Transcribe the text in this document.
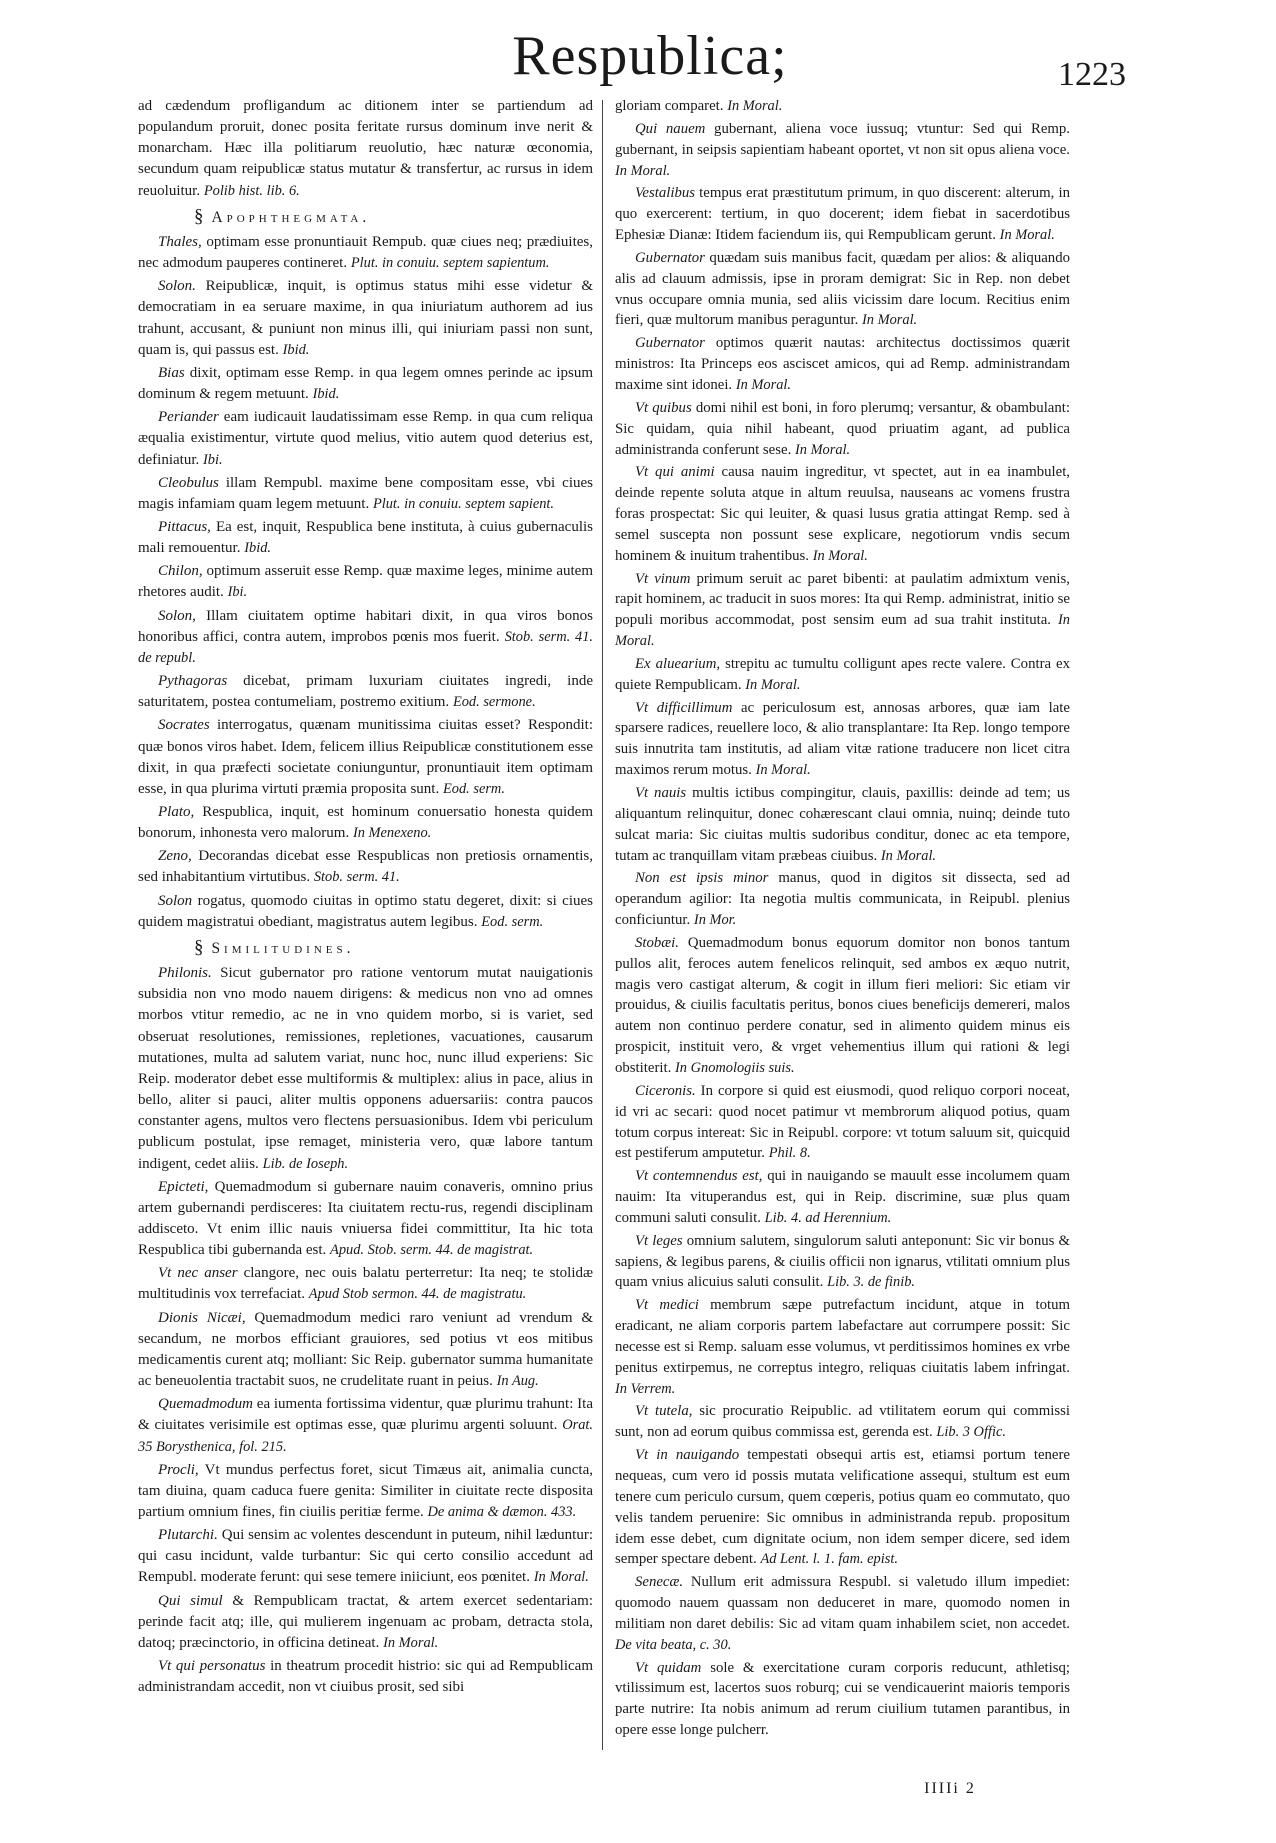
Respublica;	1223

ad cædendum profligandum ac ditionem inter se partiendum ad populandum proruit, donec posita feritate rursus dominum inve nerit & monarcham. Hæc illa politiarum reuolutio, hæc naturæ œconomia, secundum quam reipublicæ status mutatur & transfertur, ac rursus in idem reuoluitur. Polib hist. lib. 6.

§ Apophthegmata.

Thales, optimam esse pronuntiauit Rempub. quæ ciues neq; prædiuites, nec admodum pauperes contineret. Plut. in conuiu. septem sapientum.

Solon. Reipublicæ, inquit, is optimus status mihi esse videtur & democratiam in ea seruare maxime, in qua iniuriatum authorem ad ius trahunt, accusant, & puniunt non minus illi, qui iniuriam passi non sunt, quam is, qui passus est. Ibid.

Bias dixit, optimam esse Remp. in qua legem omnes perinde ac ipsum dominum & regem metuunt. Ibid.

Periander eam iudicauit laudatissimam esse Remp. in qua cum reliqua æqualia existimentur, virtute quod melius, vitio autem quod deterius est, definiatur. Ibi.

Cleobulus illam Rempubl. maxime bene compositam esse, vbi ciues magis infamiam quam legem metuunt. Plut. in conuiu. septem sapient.

Pittacus, Ea est, inquit, Respublica bene instituta, à cuius gubernaculis mali remouentur. Ibid.

Chilon, optimum asseruit esse Remp. quæ maxime leges, minime autem rhetores audit. Ibi.

Solon, Illam ciuitatem optime habitari dixit, in qua viros bonos honoribus affici, contra autem, improbos pœnis mos fuerit. Stob. serm. 41. de republ.

Pythagoras dicebat, primam luxuriam ciuitates ingredi, inde saturitatem, postea contumeliam, postremo exitium. Eod. sermone.

Socrates interrogatus, quænam munitissima ciuitas esset? Respondit: quæ bonos viros habet. Idem, felicem illius Reipublicæ constitutionem esse dixit, in qua præfecti societate coniunguntur, pronuntiauit item optimam esse, in qua plurima virtuti præmia proposita sunt. Eod. serm.

Plato, Respublica, inquit, est hominum conuersatio honesta quidem bonorum, inhonesta vero malorum. In Menexeno.

Zeno, Decorandas dicebat esse Respublicas non pretiosis ornamentis, sed inhabitantium virtutibus. Stob. serm. 41.

Solon rogatus, quomodo ciuitas in optimo statu degeret, dixit: si ciues quidem magistratui obediant, magistratus autem legibus. Eod. serm.

§ Similitudines.

Philonis. Sicut gubernator pro ratione ventorum mutat nauigationis subsidia non vno modo nauem dirigens: & medicus non vno ad omnes morbos vtitur remedio, ac ne in vno quidem morbo, si is variet, sed obseruat resolutiones, remissiones, repletiones, vacuationes, causarum mutationes, multa ad salutem variat, nunc hoc, nunc illud experiens: Sic Reip. moderator debet esse multiformis & multiplex: alius in pace, alius in bello, aliter si pauci, aliter multis opponens aduersariis: contra paucos constanter agens, multos vero flectens persuasionibus. Idem vbi periculum publicum postulat, ipse remaget, ministeria vero, quæ labore tantum indigent, cedet aliis. Lib. de Ioseph.

Epicteti, Quemadmodum si gubernare nauim conaveris, omnino prius artem gubernandi perdisceres: Ita ciuitatem rectu-rus, regendi disciplinam addisceto. Vt enim illic nauis vniuersa fidei committitur, Ita hic tota Respublica tibi gubernanda est. Apud. Stob. serm. 44. de magistrat.

Vt nec anser clangore, nec ouis balatu perterretur: Ita neq; te stolidæ multitudinis vox terrefaciat. Apud Stob sermon. 44. de magistratu.

Dionis Nicæi, Quemadmodum medici raro veniunt ad vrendum & secandum, ne morbos efficiant grauiores, sed potius vt eos mitibus medicamentis curent atq; molliant: Sic Reip. gubernator summa humanitate ac beneuolentia tractabit suos, ne crudelitate ruant in peius. In Aug.

Quemadmodum ea iumenta fortissima videntur, quæ plurimu trahunt: Ita & ciuitates verisimile est optimas esse, quæ plurimu argenti soluunt. Orat. 35 Borysthenica, fol. 215.

Procli, Vt mundus perfectus foret, sicut Timæus ait, animalia cuncta, tam diuina, quam caduca fuere genita: Similiter in ciuitate recte disposita partium omnium fines, fin ciuilis peritiæ ferme. De anima & dæmon. 433.

Plutarchi. Qui sensim ac volentes descendunt in puteum, nihil læduntur: qui casu incidunt, valde turbantur: Sic qui certo consilio accedunt ad Rempubl. moderate ferunt: qui sese temere iniiciunt, eos pœnitet. In Moral.

Qui simul & Rempublicam tractat, & artem exercet sedentariam: perinde facit atq; ille, qui mulierem ingenuam ac probam, detracta stola, datoq; præcinctorio, in officina detineat. In Moral.

Vt qui personatus in theatrum procedit histrio: sic qui ad Rempublicam administrandam accedit, non vt ciuibus prosit, sed sibi

gloriam comparet. In Moral.

Qui nauem gubernant, aliena voce iussuq; vtuntur: Sed qui Remp. gubernant, in seipsis sapientiam habeant oportet, vt non sit opus aliena voce. In Moral.

Vestalibus tempus erat præstitutum primum, in quo discerent: alterum, in quo exercerent: tertium, in quo docerent; idem fiebat in sacerdotibus Ephesiæ Dianæ: Itidem faciendum iis, qui Rempublicam gerunt. In Moral.

Gubernator quædam suis manibus facit, quædam per alios: & aliquando alis ad clauum admissis, ipse in proram demigrat: Sic in Rep. non debet vnus occupare omnia munia, sed aliis vicissim dare locum. Recitius enim fieri, quæ multorum manibus peraguntur. In Moral.

Gubernator optimos quærit nautas: architectus doctissimos quærit ministros: Ita Princeps eos asciscet amicos, qui ad Remp. administrandam maxime sint idonei. In Moral.

Vt quibus domi nihil est boni, in foro plerumq; versantur, & obambulant: Sic quidam, quia nihil habeant, quod priuatim agant, ad publica administranda conferunt sese. In Moral.

Vt qui animi causa nauim ingreditur, vt spectet, aut in ea inambulet, deinde repente soluta atque in altum reuulsa, nauseans ac vomens frustra foras prospectat: Sic qui leuiter, & quasi lusus gratia attingat Remp. sed à semel suscepta non possunt sese explicare, negotiorum vndis secum hominem & inuitum trahentibus. In Moral.

Vt vinum primum seruit ac paret bibenti: at paulatim admixtum venis, rapit hominem, ac traducit in suos mores: Ita qui Remp. administrat, initio se populi moribus accommodat, post sensim eum ad sua trahit instituta. In Moral.

Ex aluearium, strepitu ac tumultu colligunt apes recte valere. Contra ex quiete Rempublicam. In Moral.

Vt difficillimum ac periculosum est, annosas arbores, quæ iam late sparsere radices, reuellere loco, & alio transplantare: Ita Rep. longo tempore suis innutrita tam institutis, ad aliam vitæ ratione traducere non licet citra maximos rerum motus. In Moral.

Vt nauis multis ictibus compingitur, clauis, paxillis: deinde ad tem; us aliquantum relinquitur, donec cohærescant claui omnia, nuinq; deinde tuto sulcat maria: Sic ciuitas multis sudoribus conditur, donec ac eta tempore, tutam ac tranquillam vitam præbeas ciuibus. In Moral.

Non est ipsis minor manus, quod in digitos sit dissecta, sed ad operandum agilior: Ita negotia multis communicata, in Reipubl. plenius conficiuntur. In Mor.

Stobæi. Quemadmodum bonus equorum domitor non bonos tantum pullos alit, feroces autem fenelicos relinquit, sed ambos ex æquo nutrit, magis vero castigat alterum, & cogit in illum fieri meliori: Sic etiam vir prouidus, & ciuilis facultatis peritus, bonos ciues beneficijs demereri, malos autem non continuo perdere conatur, sed in alimento quidem minus eis prospicit, instituit vero, & vrget vehementius illum qui rationi & legi obstiterit. In Gnomologiis suis.

Ciceronis. In corpore si quid est eiusmodi, quod reliquo corpori noceat, id vri ac secari: quod nocet patimur vt membrorum aliquod potius, quam totum corpus intereat: Sic in Reipubl. corpore: vt totum saluum sit, quicquid est pestiferum amputetur. Phil. 8.

Vt contemnendus est, qui in nauigando se mauult esse incolumem quam nauim: Ita vituperandus est, qui in Reip. discrimine, suæ plus quam communi saluti consulit. Lib. 4. ad Herennium.

Vt leges omnium salutem, singulorum saluti anteponunt: Sic vir bonus & sapiens, & legibus parens, & ciuilis officii non ignarus, vtilitati omnium plus quam vnius alicuius saluti consulit. Lib. 3. de finib.

Vt medici membrum sæpe putrefactum incidunt, atque in totum eradicant, ne aliam corporis partem labefactare aut corrumpere possit: Sic necesse est si Remp. saluam esse volumus, vt perditissimos homines ex vrbe penitus extirpemus, ne correptus integro, reliquas ciuitatis labem infringat. In Verrem.

Vt tutela, sic procuratio Reipublic. ad vtilitatem eorum qui commissi sunt, non ad eorum quibus commissa est, gerenda est. Lib. 3 Offic.

Vt in nauigando tempestati obsequi artis est, etiamsi portum tenere nequeas, cum vero id possis mutata velificatione assequi, stultum est eum tenere cum periculo cursum, quem cœperis, potius quam eo commutato, quo velis tandem peruenire: Sic omnibus in administranda repub. propositum idem esse debet, cum dignitate ocium, non idem semper dicere, sed idem semper spectare debent. Ad Lent. l. 1. fam. epist.

Senecæ. Nullum erit admissura Respubl. si valetudo illum impediet: quomodo nauem quassam non deduceret in mare, quomodo nomen in militiam non daret debilis: Sic ad vitam quam inhabilem sciet, non accedet. De vita beata, c. 30.

Vt quidam sole & exercitatione curam corporis reducunt, athletisq; vtilissimum est, lacertos suos roburq; cui se vendicauerint maioris temporis parte nutrire: Ita nobis animum ad rerum ciuilium tutamen parantibus, in opere esse longe pulcherr.

IIIIi 2
